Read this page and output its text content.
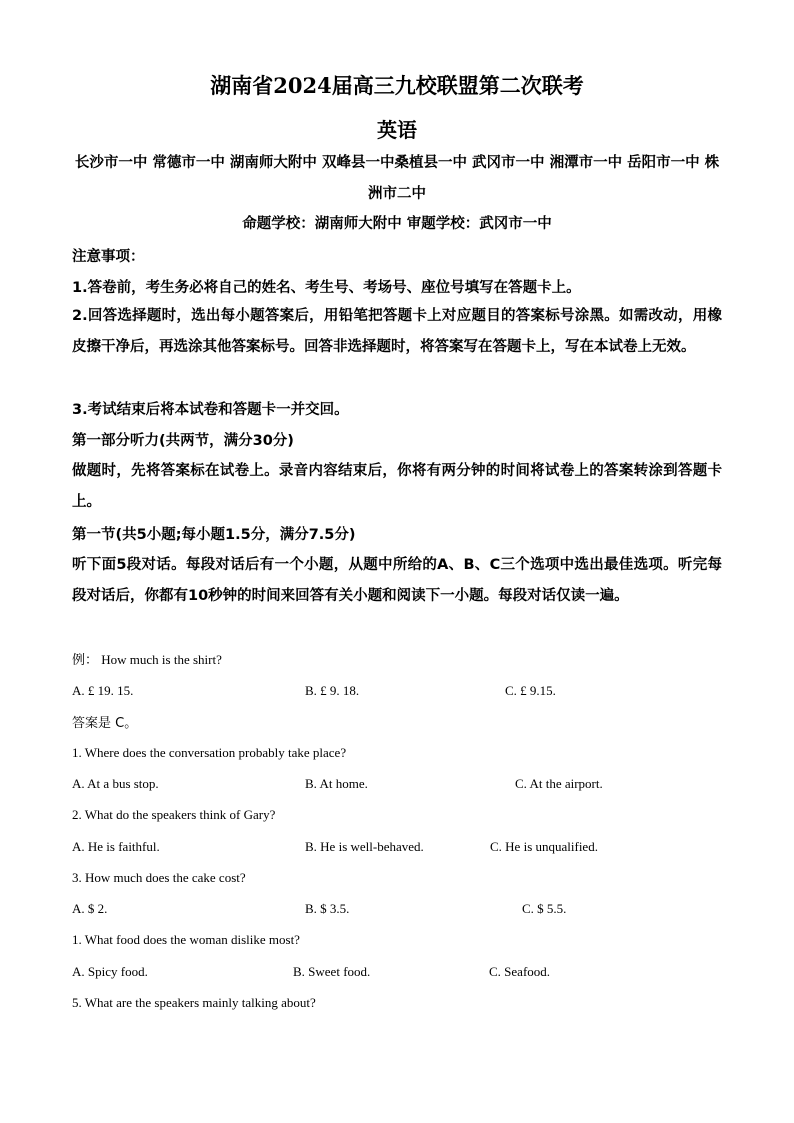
湖南省2024届高三九校联盟第二次联考
英语
长沙市一中 常德市一中 湖南师大附中 双峰县一中桑植县一中 武冈市一中 湘潭市一中 岳阳市一中 株洲市二中
命题学校：湖南师大附中 审题学校：武冈市一中
注意事项：
1.答卷前，考生务必将自己的姓名、考生号、考场号、座位号填写在答题卡上。
2.回答选择题时，选出每小题答案后，用铅笔把答题卡上对应题目的答案标号涂黑。如需改动，用橡皮擦干净后，再选涂其他答案标号。回答非选择题时，将答案写在答题卡上，写在本试卷上无效。
3.考试结束后将本试卷和答题卡一并交回。
第一部分听力(共两节，满分30分)
做题时，先将答案标在试卷上。录音内容结束后，你将有两分钟的时间将试卷上的答案转涂到答题卡上。
第一节(共5小题;每小题1.5分，满分7.5分)
听下面5段对话。每段对话后有一个小题，从题中所给的A、B、C三个选项中选出最佳选项。听完每段对话后，你都有10秒钟的时间来回答有关小题和阅读下一小题。每段对话仅读一遍。
例： How much is the shirt?
A. £ 19. 15.	B. £ 9. 18.	C. £ 9.15.
答案是 C。
1. Where does the conversation probably take place?
A. At a bus stop.	B. At home.	C. At the airport.
2. What do the speakers think of Gary?
A. He is faithful.	B. He is well-behaved.	C. He is unqualified.
3. How much does the cake cost?
A. $ 2.	B. $ 3.5.	C. $ 5.5.
1. What food does the woman dislike most?
A. Spicy food.	B. Sweet food.	C. Seafood.
5. What are the speakers mainly talking about?
